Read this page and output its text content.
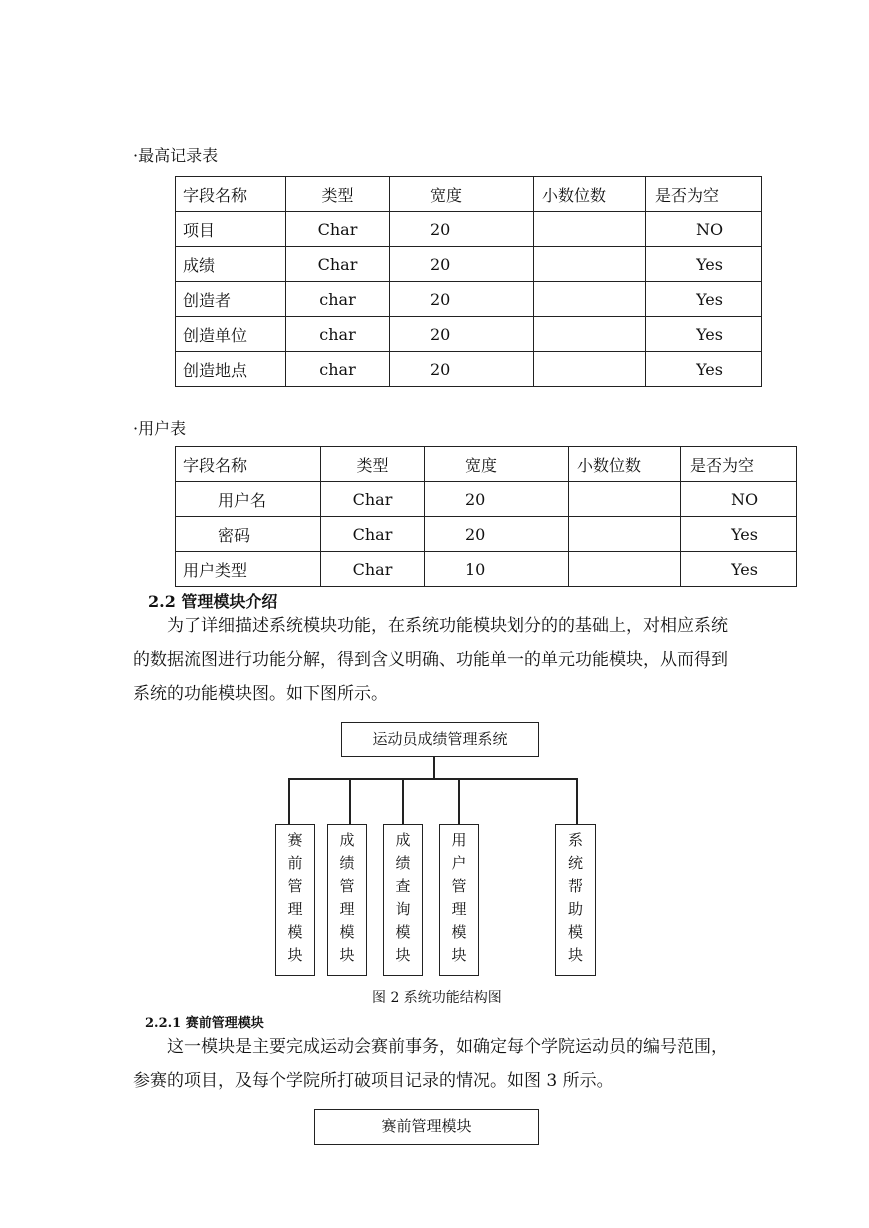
·最高记录表
字段名称	类型	宽度	小数位数	是否为空
项目	Char	20		NO
成绩	Char	20		Yes
创造者	char	20		Yes
创造单位	char	20		Yes
创造地点	char	20		Yes
·用户表
字段名称	类型	宽度	小数位数	是否为空
用户名	Char	20		NO
密码	Char	20		Yes
用户类型	Char	10		Yes
2.2 管理模块介绍
为了详细描述系统模块功能，在系统功能模块划分的的基础上，对相应系统的数据流图进行功能分解，得到含义明确、功能单一的单元功能模块，从而得到系统的功能模块图。如下图所示。
运动员成绩管理系统
赛前管理模块
成绩管理模块
成绩查询模块
用户管理模块
系统帮助模块
图 2 系统功能结构图
2.2.1 赛前管理模块
这一模块是主要完成运动会赛前事务，如确定每个学院运动员的编号范围，参赛的项目，及每个学院所打破项目记录的情况。如图 3 所示。
赛前管理模块
